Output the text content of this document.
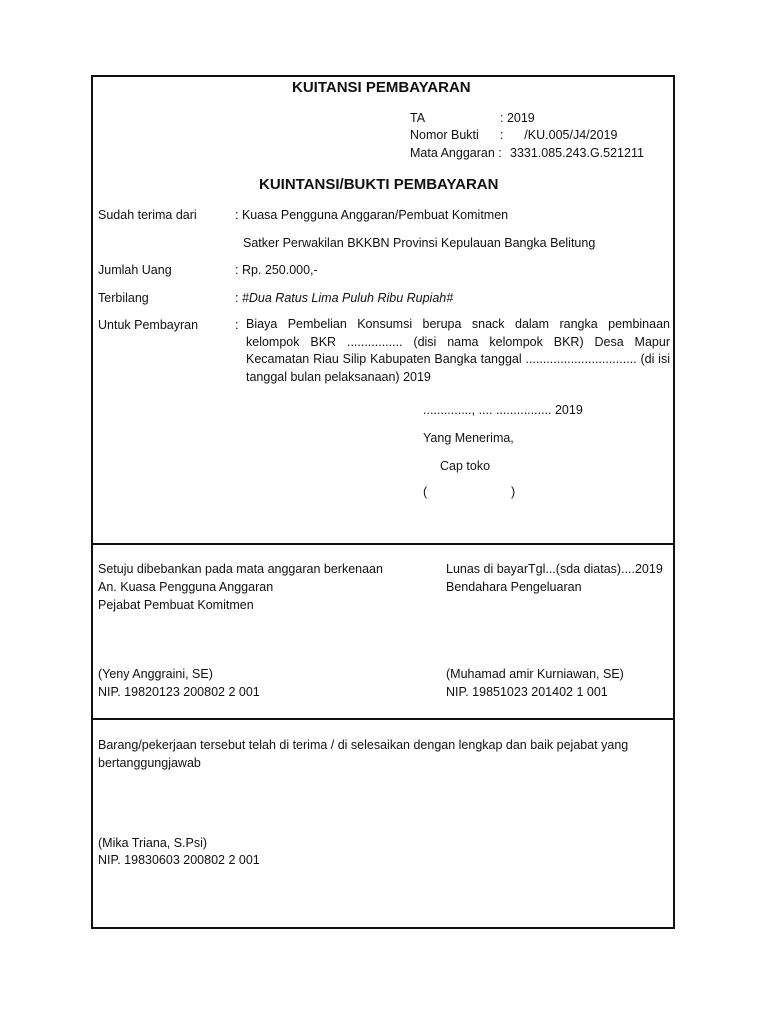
KUITANSI PEMBAYARAN
TA	: 2019
Nomor Bukti :      /KU.005/J4/2019
Mata Anggaran : 3331.085.243.G.521211
KUINTANSI/BUKTI PEMBAYARAN
Sudah terima dari	: Kuasa Pengguna Anggaran/Pembuat Komitmen
Satker Perwakilan BKKBN Provinsi Kepulauan Bangka Belitung
Jumlah Uang	: Rp. 250.000,-
Terbilang	: #Dua Ratus Lima Puluh Ribu Rupiah#
Untuk Pembayran	: Biaya Pembelian Konsumsi berupa snack dalam rangka pembinaan kelompok BKR ................ (disi nama kelompok BKR) Desa Mapur Kecamatan Riau Silip Kabupaten Bangka tanggal ................................ (di isi tanggal bulan pelaksanaan) 2019
.............., .... ................ 2019
Yang Menerima,
Cap toko
(	)
Setuju dibebankan pada mata anggaran berkenaan
An. Kuasa Pengguna Anggaran
Pejabat Pembuat Komitmen
(Yeny Anggraini, SE)
NIP. 19820123 200802 2 001
Lunas di bayarTgl...(sda diatas)....2019
Bendahara Pengeluaran
(Muhamad amir Kurniawan, SE)
NIP. 19851023 201402 1 001
Barang/pekerjaan tersebut telah di terima / di selesaikan dengan lengkap dan baik pejabat yang bertanggungjawab
(Mika Triana, S.Psi)
NIP. 19830603 200802 2 001
